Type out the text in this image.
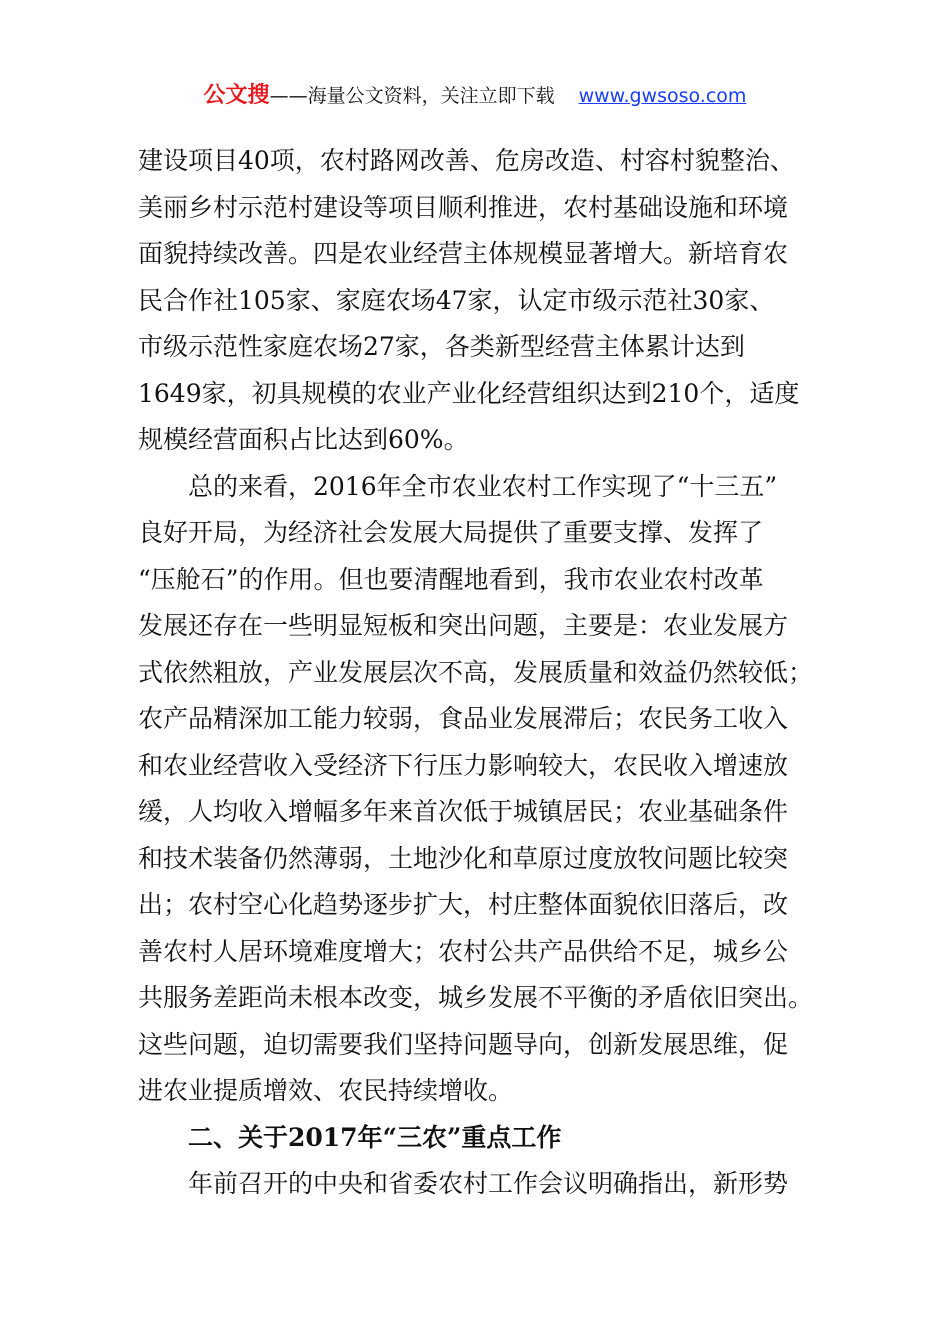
公文搜——海量公文资料，关注立即下载 www.gwsoso.com
建设项目40项，农村路网改善、危房改造、村容村貌整治、
美丽乡村示范村建设等项目顺利推进，农村基础设施和环境
面貌持续改善。四是农业经营主体规模显著增大。新培育农
民合作社105家、家庭农场47家，认定市级示范社30家、
市级示范性家庭农场27家，各类新型经营主体累计达到
1649家，初具规模的农业产业化经营组织达到210个，适度
规模经营面积占比达到60%。
总的来看，2016年全市农业农村工作实现了“十三五”
良好开局，为经济社会发展大局提供了重要支撑、发挥了
“压舱石”的作用。但也要清醒地看到，我市农业农村改革
发展还存在一些明显短板和突出问题，主要是：农业发展方
式依然粗放，产业发展层次不高，发展质量和效益仍然较低；
农产品精深加工能力较弱，食品业发展滞后；农民务工收入
和农业经营收入受经济下行压力影响较大，农民收入增速放
缓，人均收入增幅多年来首次低于城镇居民；农业基础条件
和技术装备仍然薄弱，土地沙化和草原过度放牧问题比较突
出；农村空心化趋势逐步扩大，村庄整体面貌依旧落后，改
善农村人居环境难度增大；农村公共产品供给不足，城乡公
共服务差距尚未根本改变，城乡发展不平衡的矛盾依旧突出。
这些问题，迫切需要我们坚持问题导向，创新发展思维，促
进农业提质增效、农民持续增收。
二、关于2017年“三农”重点工作
年前召开的中央和省委农村工作会议明确指出，新形势
